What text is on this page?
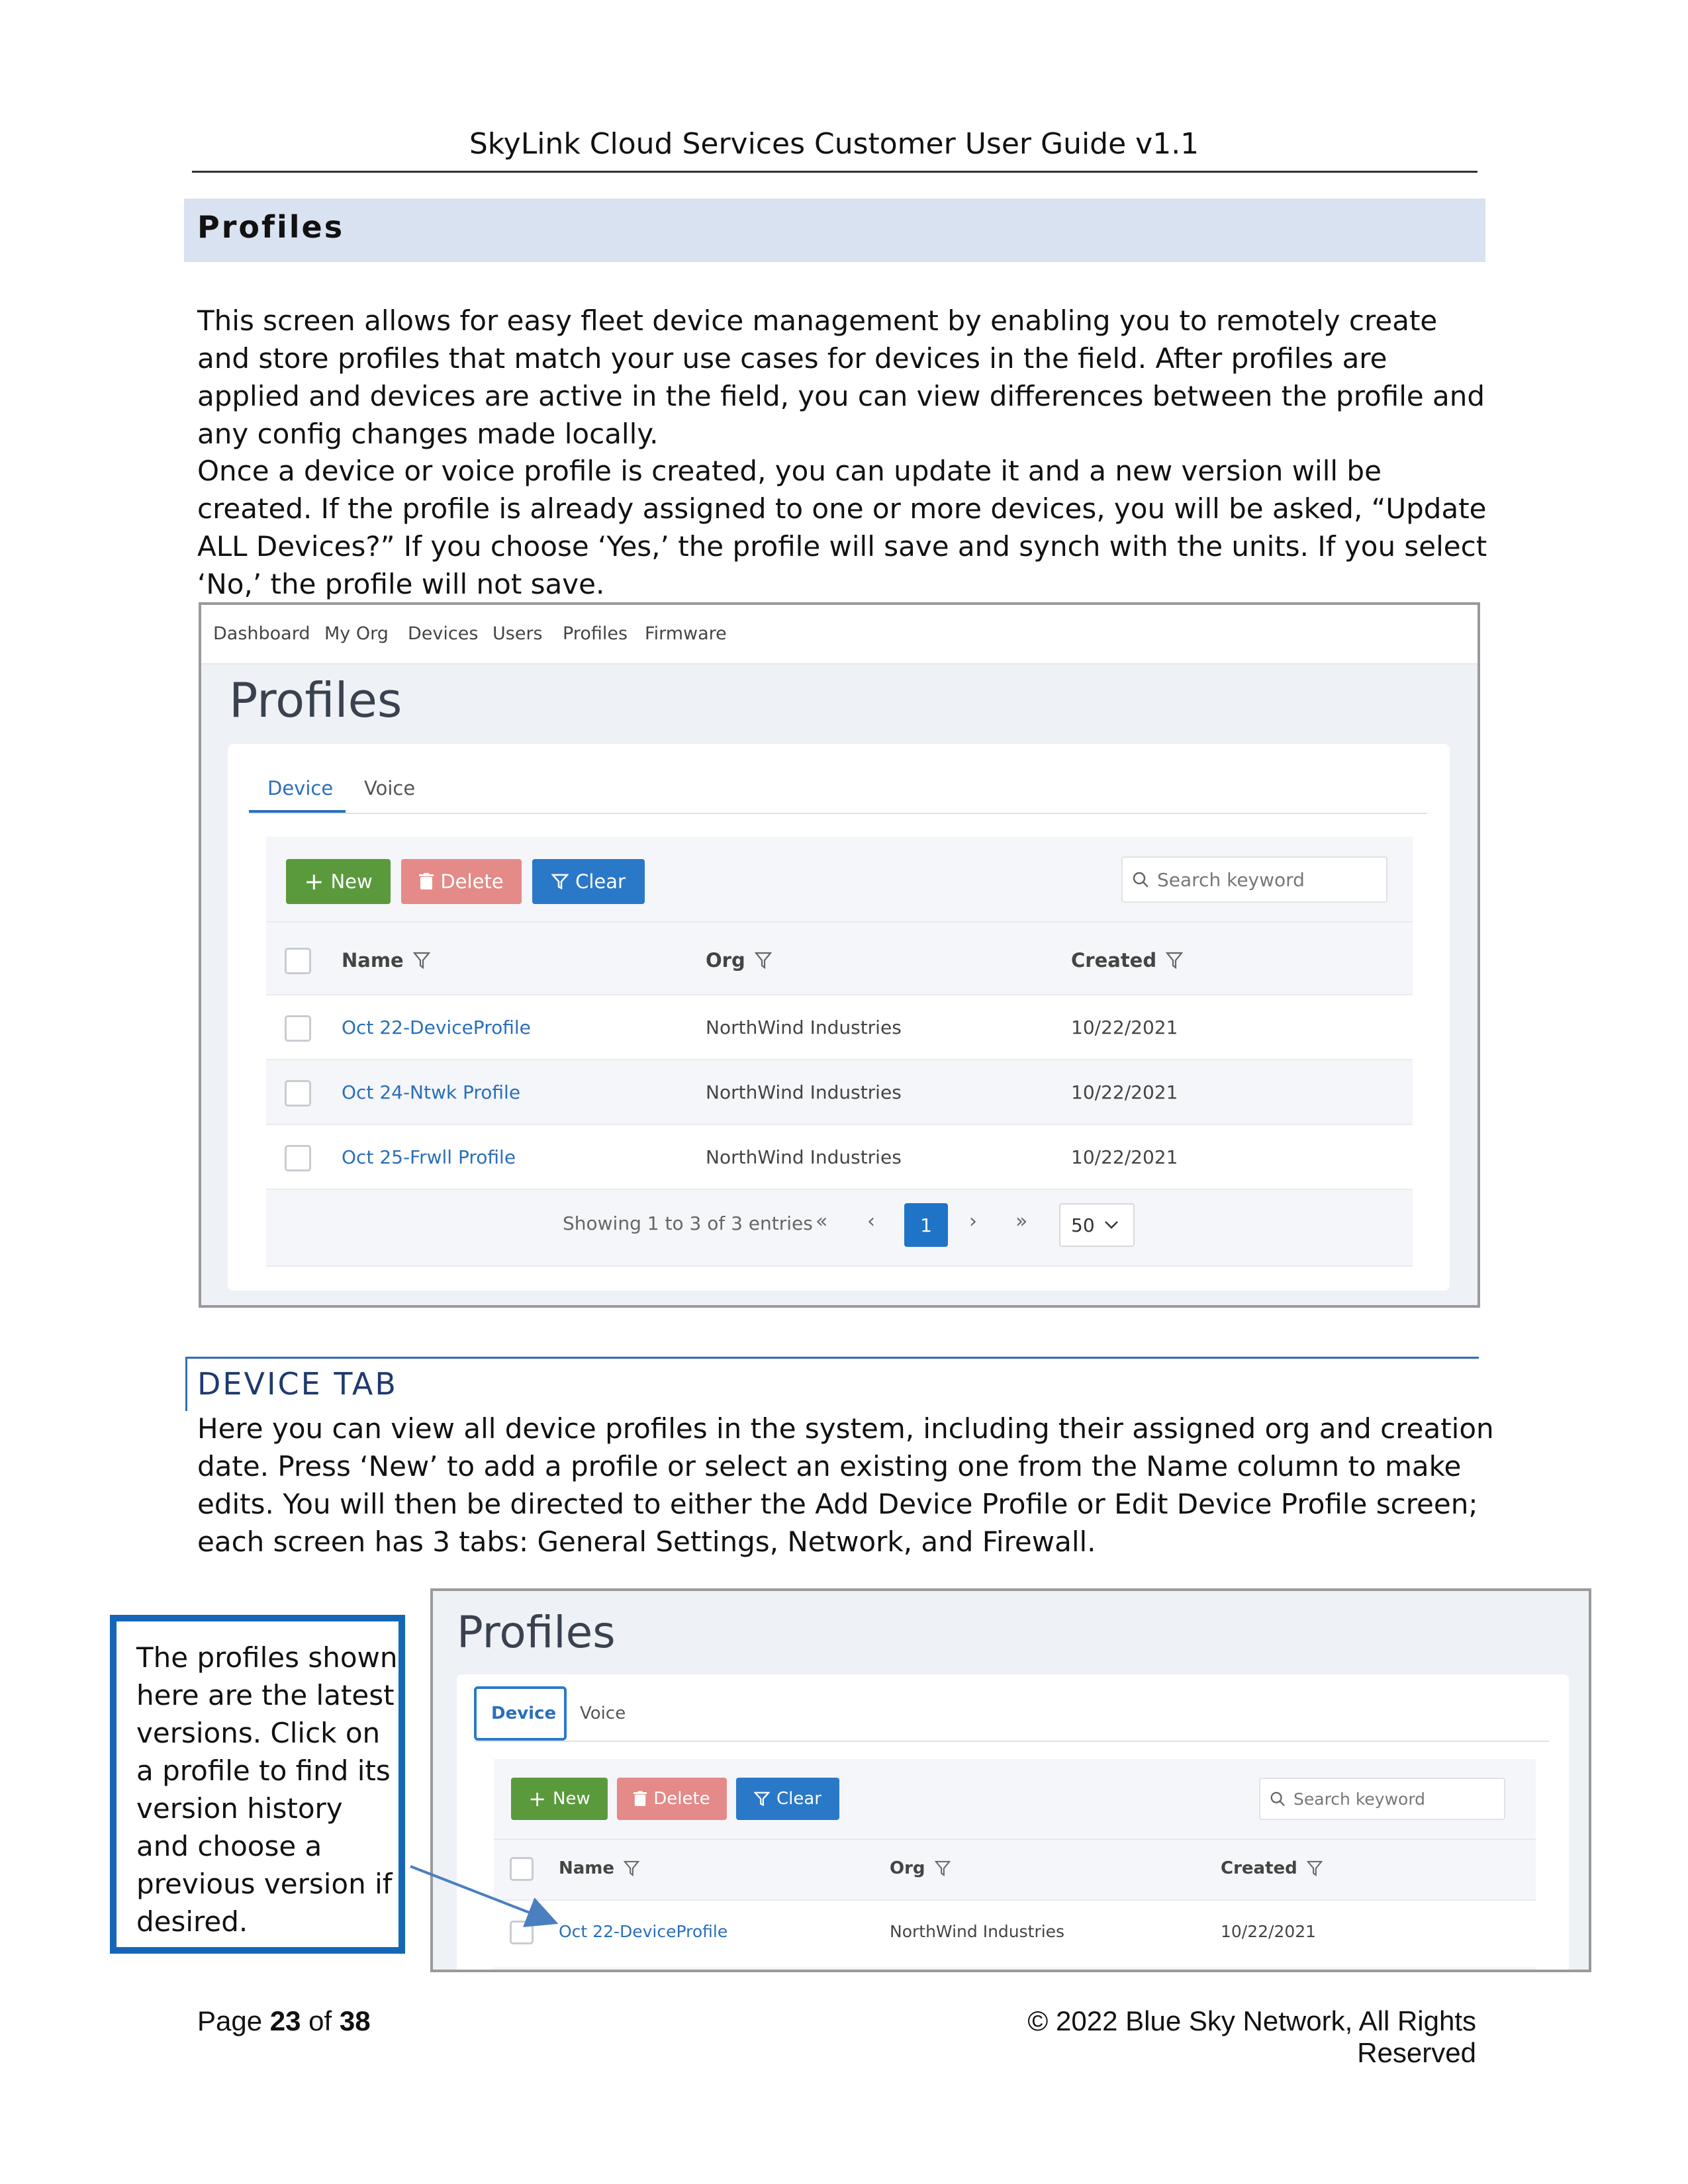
SkyLink Cloud Services Customer User Guide v1.1
Profiles
This screen allows for easy fleet device management by enabling you to remotely create and store profiles that match your use cases for devices in the field. After profiles are applied and devices are active in the field, you can view differences between the profile and any config changes made locally.
Once a device or voice profile is created, you can update it and a new version will be created. If the profile is already assigned to one or more devices, you will be asked, “Update ALL Devices?” If you choose ‘Yes,’ the profile will save and synch with the units. If you select ‘No,’ the profile will not save.
Dashboard My Org Devices Users Profiles Firmware
Profiles
Device Voice
+ New	Delete	Clear	Search keyword
Name	Org	Created
Oct 22-DeviceProfile	NorthWind Industries	10/22/2021
Oct 24-Ntwk Profile	NorthWind Industries	10/22/2021
Oct 25-Frwll Profile	NorthWind Industries	10/22/2021
Showing 1 to 3 of 3 entries « ‹	1	› » 50
DEVICE TAB
Here you can view all device profiles in the system, including their assigned org and creation date. Press ‘New’ to add a profile or select an existing one from the Name column to make edits. You will then be directed to either the Add Device Profile or Edit Device Profile screen; each screen has 3 tabs: General Settings, Network, and Firewall.
Profiles
Device Voice
+ New	Delete	Clear	Search keyword
Name	Org	Created
Oct 22-DeviceProfile	NorthWind Industries	10/22/2021
The profiles shown here are the latest versions. Click on a profile to find its version history and choose a previous version if desired.
Page 23 of 38	© 2022 Blue Sky Network, All Rights Reserved
